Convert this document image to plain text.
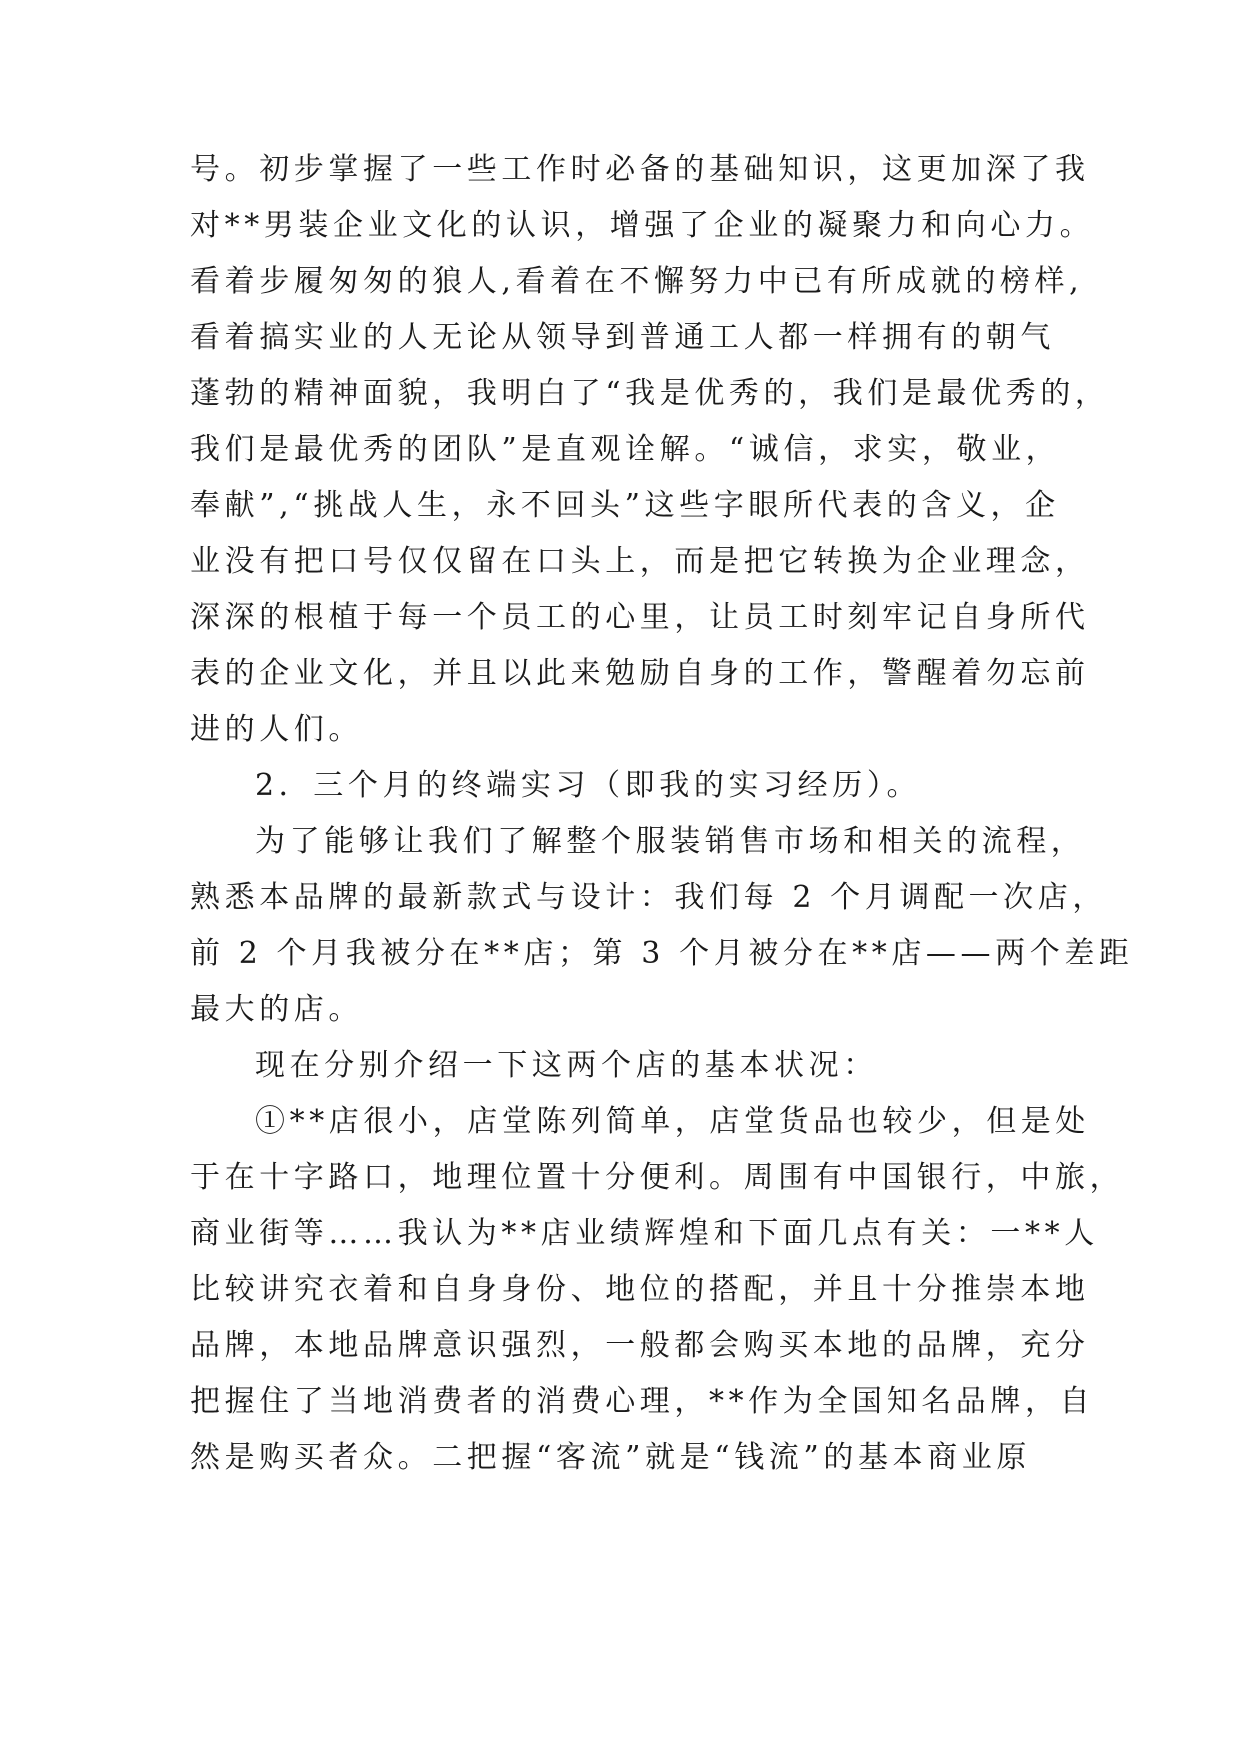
号。初步掌握了一些工作时必备的基础知识，这更加深了我
对**男装企业文化的认识，增强了企业的凝聚力和向心力。
看着步履匆匆的狼人,看着在不懈努力中已有所成就的榜样,
看着搞实业的人无论从领导到普通工人都一样拥有的朝气
蓬勃的精神面貌，我明白了“我是优秀的，我们是最优秀的，
我们是最优秀的团队”是直观诠解。“诚信，求实，敬业，
奉献”,“挑战人生，永不回头”这些字眼所代表的含义，企
业没有把口号仅仅留在口头上，而是把它转换为企业理念，
深深的根植于每一个员工的心里，让员工时刻牢记自身所代
表的企业文化，并且以此来勉励自身的工作，警醒着勿忘前
进的人们。
2．三个月的终端实习（即我的实习经历）。
为了能够让我们了解整个服装销售市场和相关的流程，
熟悉本品牌的最新款式与设计：我们每 2 个月调配一次店，
前 2 个月我被分在**店；第 3 个月被分在**店——两个差距
最大的店。
现在分别介绍一下这两个店的基本状况：
①**店很小，店堂陈列简单，店堂货品也较少，但是处
于在十字路口，地理位置十分便利。周围有中国银行，中旅，
商业街等……我认为**店业绩辉煌和下面几点有关：一**人
比较讲究衣着和自身身份、地位的搭配，并且十分推崇本地
品牌，本地品牌意识强烈，一般都会购买本地的品牌，充分
把握住了当地消费者的消费心理，**作为全国知名品牌，自
然是购买者众。二把握“客流”就是“钱流”的基本商业原
